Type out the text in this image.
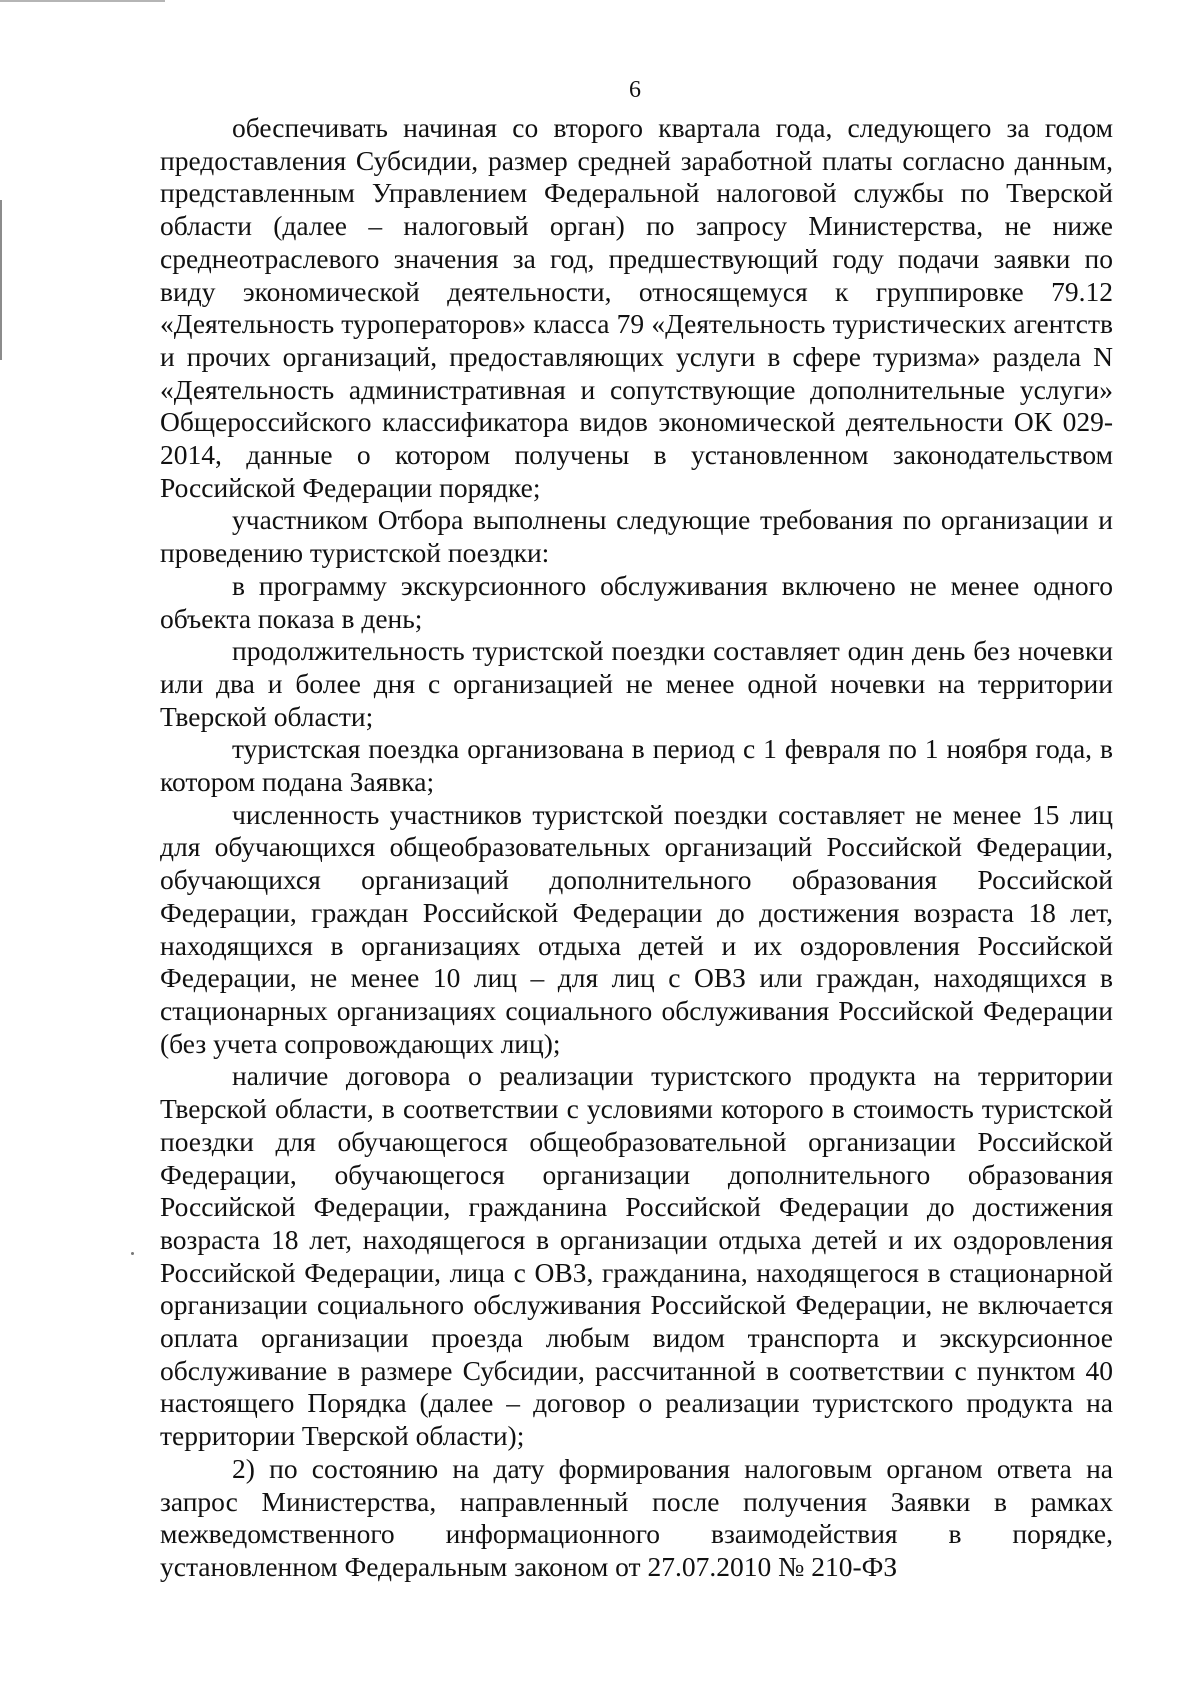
6

обеспечивать начиная со второго квартала года, следующего за годом предоставления Субсидии, размер средней заработной платы согласно данным, представленным Управлением Федеральной налоговой службы по Тверской области (далее – налоговый орган) по запросу Министерства, не ниже среднеотраслевого значения за год, предшествующий году подачи заявки по виду экономической деятельности, относящемуся к группировке 79.12 «Деятельность туроператоров» класса 79 «Деятельность туристических агентств и прочих организаций, предоставляющих услуги в сфере туризма» раздела N «Деятельность административная и сопутствующие дополнительные услуги» Общероссийского классификатора видов экономической деятельности ОК 029-2014, данные о котором получены в установленном законодательством Российской Федерации порядке;

участником Отбора выполнены следующие требования по организации и проведению туристской поездки:

в программу экскурсионного обслуживания включено не менее одного объекта показа в день;

продолжительность туристской поездки составляет один день без ночевки или два и более дня с организацией не менее одной ночевки на территории Тверской области;

туристская поездка организована в период с 1 февраля по 1 ноября года, в котором подана Заявка;

численность участников туристской поездки составляет не менее 15 лиц для обучающихся общеобразовательных организаций Российской Федерации, обучающихся организаций дополнительного образования Российской Федерации, граждан Российской Федерации до достижения возраста 18 лет, находящихся в организациях отдыха детей и их оздоровления Российской Федерации, не менее 10 лиц – для лиц с ОВЗ или граждан, находящихся в стационарных организациях социального обслуживания Российской Федерации (без учета сопровождающих лиц);

наличие договора о реализации туристского продукта на территории Тверской области, в соответствии с условиями которого в стоимость туристской поездки для обучающегося общеобразовательной организации Российской Федерации, обучающегося организации дополнительного образования Российской Федерации, гражданина Российской Федерации до достижения возраста 18 лет, находящегося в организации отдыха детей и их оздоровления Российской Федерации, лица с ОВЗ, гражданина, находящегося в стационарной организации социального обслуживания Российской Федерации, не включается оплата организации проезда любым видом транспорта и экскурсионное обслуживание в размере Субсидии, рассчитанной в соответствии с пунктом 40 настоящего Порядка (далее – договор о реализации туристского продукта на территории Тверской области);

2) по состоянию на дату формирования налоговым органом ответа на запрос Министерства, направленный после получения Заявки в рамках межведомственного информационного взаимодействия в порядке, установленном Федеральным законом от 27.07.2010 № 210-ФЗ
